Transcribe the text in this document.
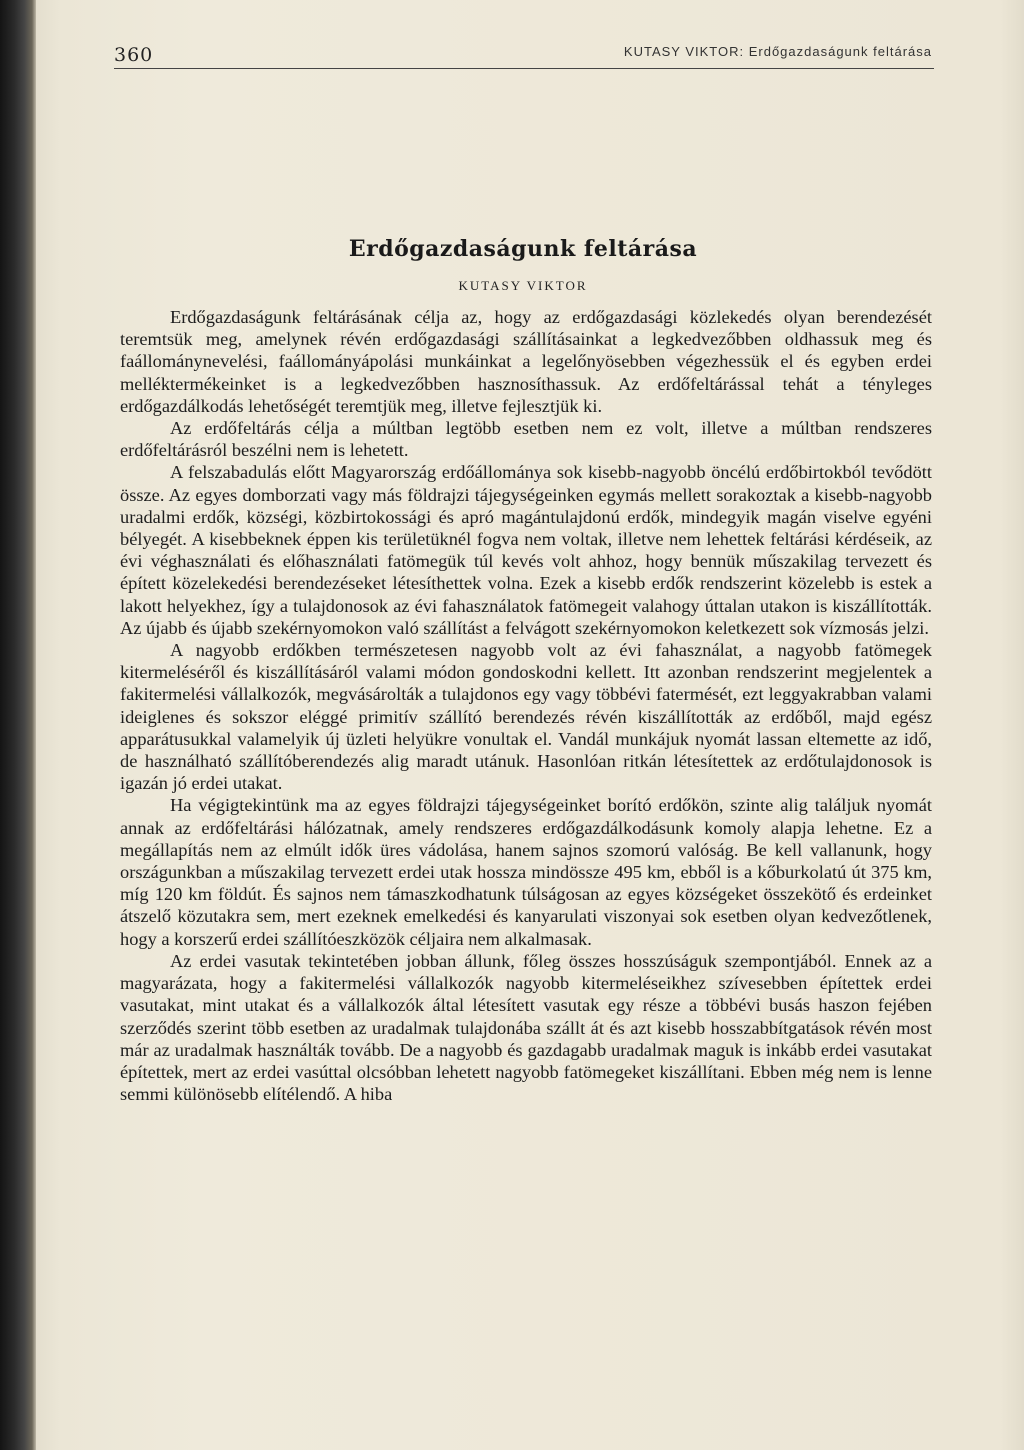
360	KUTASY VIKTOR: Erdőgazdaságunk feltárása
Erdőgazdaságunk feltárása
KUTASY VIKTOR

Erdőgazdaságunk feltárásának célja az, hogy az erdőgazdasági közlekedés olyan berendezését teremtsük meg, amelynek révén erdőgazdasági szállításainkat a legkedvezőbben oldhassuk meg és faállománynevelési, faállományápolási munkáinkat a legelőnyösebben végezhessük el és egyben erdei melléktermékeinket is a legkedvezőbben hasznosíthassuk. Az erdőfeltárással tehát a tényleges erdőgazdálkodás lehetőségét teremtjük meg, illetve fejlesztjük ki.

Az erdőfeltárás célja a múltban legtöbb esetben nem ez volt, illetve a múltban rendszeres erdőfeltárásról beszélni nem is lehetett.

A felszabadulás előtt Magyarország erdőállománya sok kisebb-nagyobb öncélú erdőbirtokból tevődött össze. Az egyes domborzati vagy más földrajzi tájegységeinken egymás mellett sorakoztak a kisebb-nagyobb uradalmi erdők, községi, közbirtokossági és apró magántulajdonú erdők, mindegyik magán viselve egyéni bélyegét. A kisebbeknek éppen kis területüknél fogva nem voltak, illetve nem lehettek feltárási kérdéseik, az évi véghasználati és előhasználati fatömegük túl kevés volt ahhoz, hogy bennük műszakilag tervezett és épített közelekedési berendezéseket létesíthettek volna. Ezek a kisebb erdők rendszerint közelebb is estek a lakott helyekhez, így a tulajdonosok az évi fahasználatok fatömegeit valahogy úttalan utakon is kiszállították. Az újabb és újabb szekérnyomokon való szállítást a felvágott szekérnyomokon keletkezett sok vízmosás jelzi.

A nagyobb erdőkben természetesen nagyobb volt az évi fahasználat, a nagyobb fatömegek kitermeléséről és kiszállításáról valami módon gondoskodni kellett. Itt azonban rendszerint megjelentek a fakitermelési vállalkozók, megvásárolták a tulajdonos egy vagy többévi fatermését, ezt leggyakrabban valami ideiglenes és sokszor eléggé primitív szállító berendezés révén kiszállították az erdőből, majd egész apparátusukkal valamelyik új üzleti helyükre vonultak el. Vandál munkájuk nyomát lassan eltemette az idő, de használható szállítóberendezés alig maradt utánuk. Hasonlóan ritkán létesítettek az erdőtulajdonosok is igazán jó erdei utakat.

Ha végigtekintünk ma az egyes földrajzi tájegységeinket borító erdőkön, szinte alig találjuk nyomát annak az erdőfeltárási hálózatnak, amely rendszeres erdőgazdálkodásunk komoly alapja lehetne. Ez a megállapítás nem az elmúlt idők üres vádolása, hanem sajnos szomorú valóság. Be kell vallanunk, hogy országunkban a műszakilag tervezett erdei utak hossza mindössze 495 km, ebből is a kőburkolatú út 375 km, míg 120 km földút. És sajnos nem támaszkodhatunk túlságosan az egyes községeket összekötő és erdeinket átszelő közutakra sem, mert ezeknek emelkedési és kanyarulati viszonyai sok esetben olyan kedvezőtlenek, hogy a korszerű erdei szállítóeszközök céljaira nem alkalmasak.

Az erdei vasutak tekintetében jobban állunk, főleg összes hosszúságuk szempontjából. Ennek az a magyarázata, hogy a fakitermelési vállalkozók nagyobb kitermeléseikhez szívesebben építettek erdei vasutakat, mint utakat és a vállalkozók által létesített vasutak egy része a többévi busás haszon fejében szerződés szerint több esetben az uradalmak tulajdonába szállt át és azt kisebb hosszabbítgatások révén most már az uradalmak használták tovább. De a nagyobb és gazdagabb uradalmak maguk is inkább erdei vasutakat építettek, mert az erdei vasúttal olcsóbban lehetett nagyobb fatömegeket kiszállítani. Ebben még nem is lenne semmi különösebb elítélendő. A hiba
